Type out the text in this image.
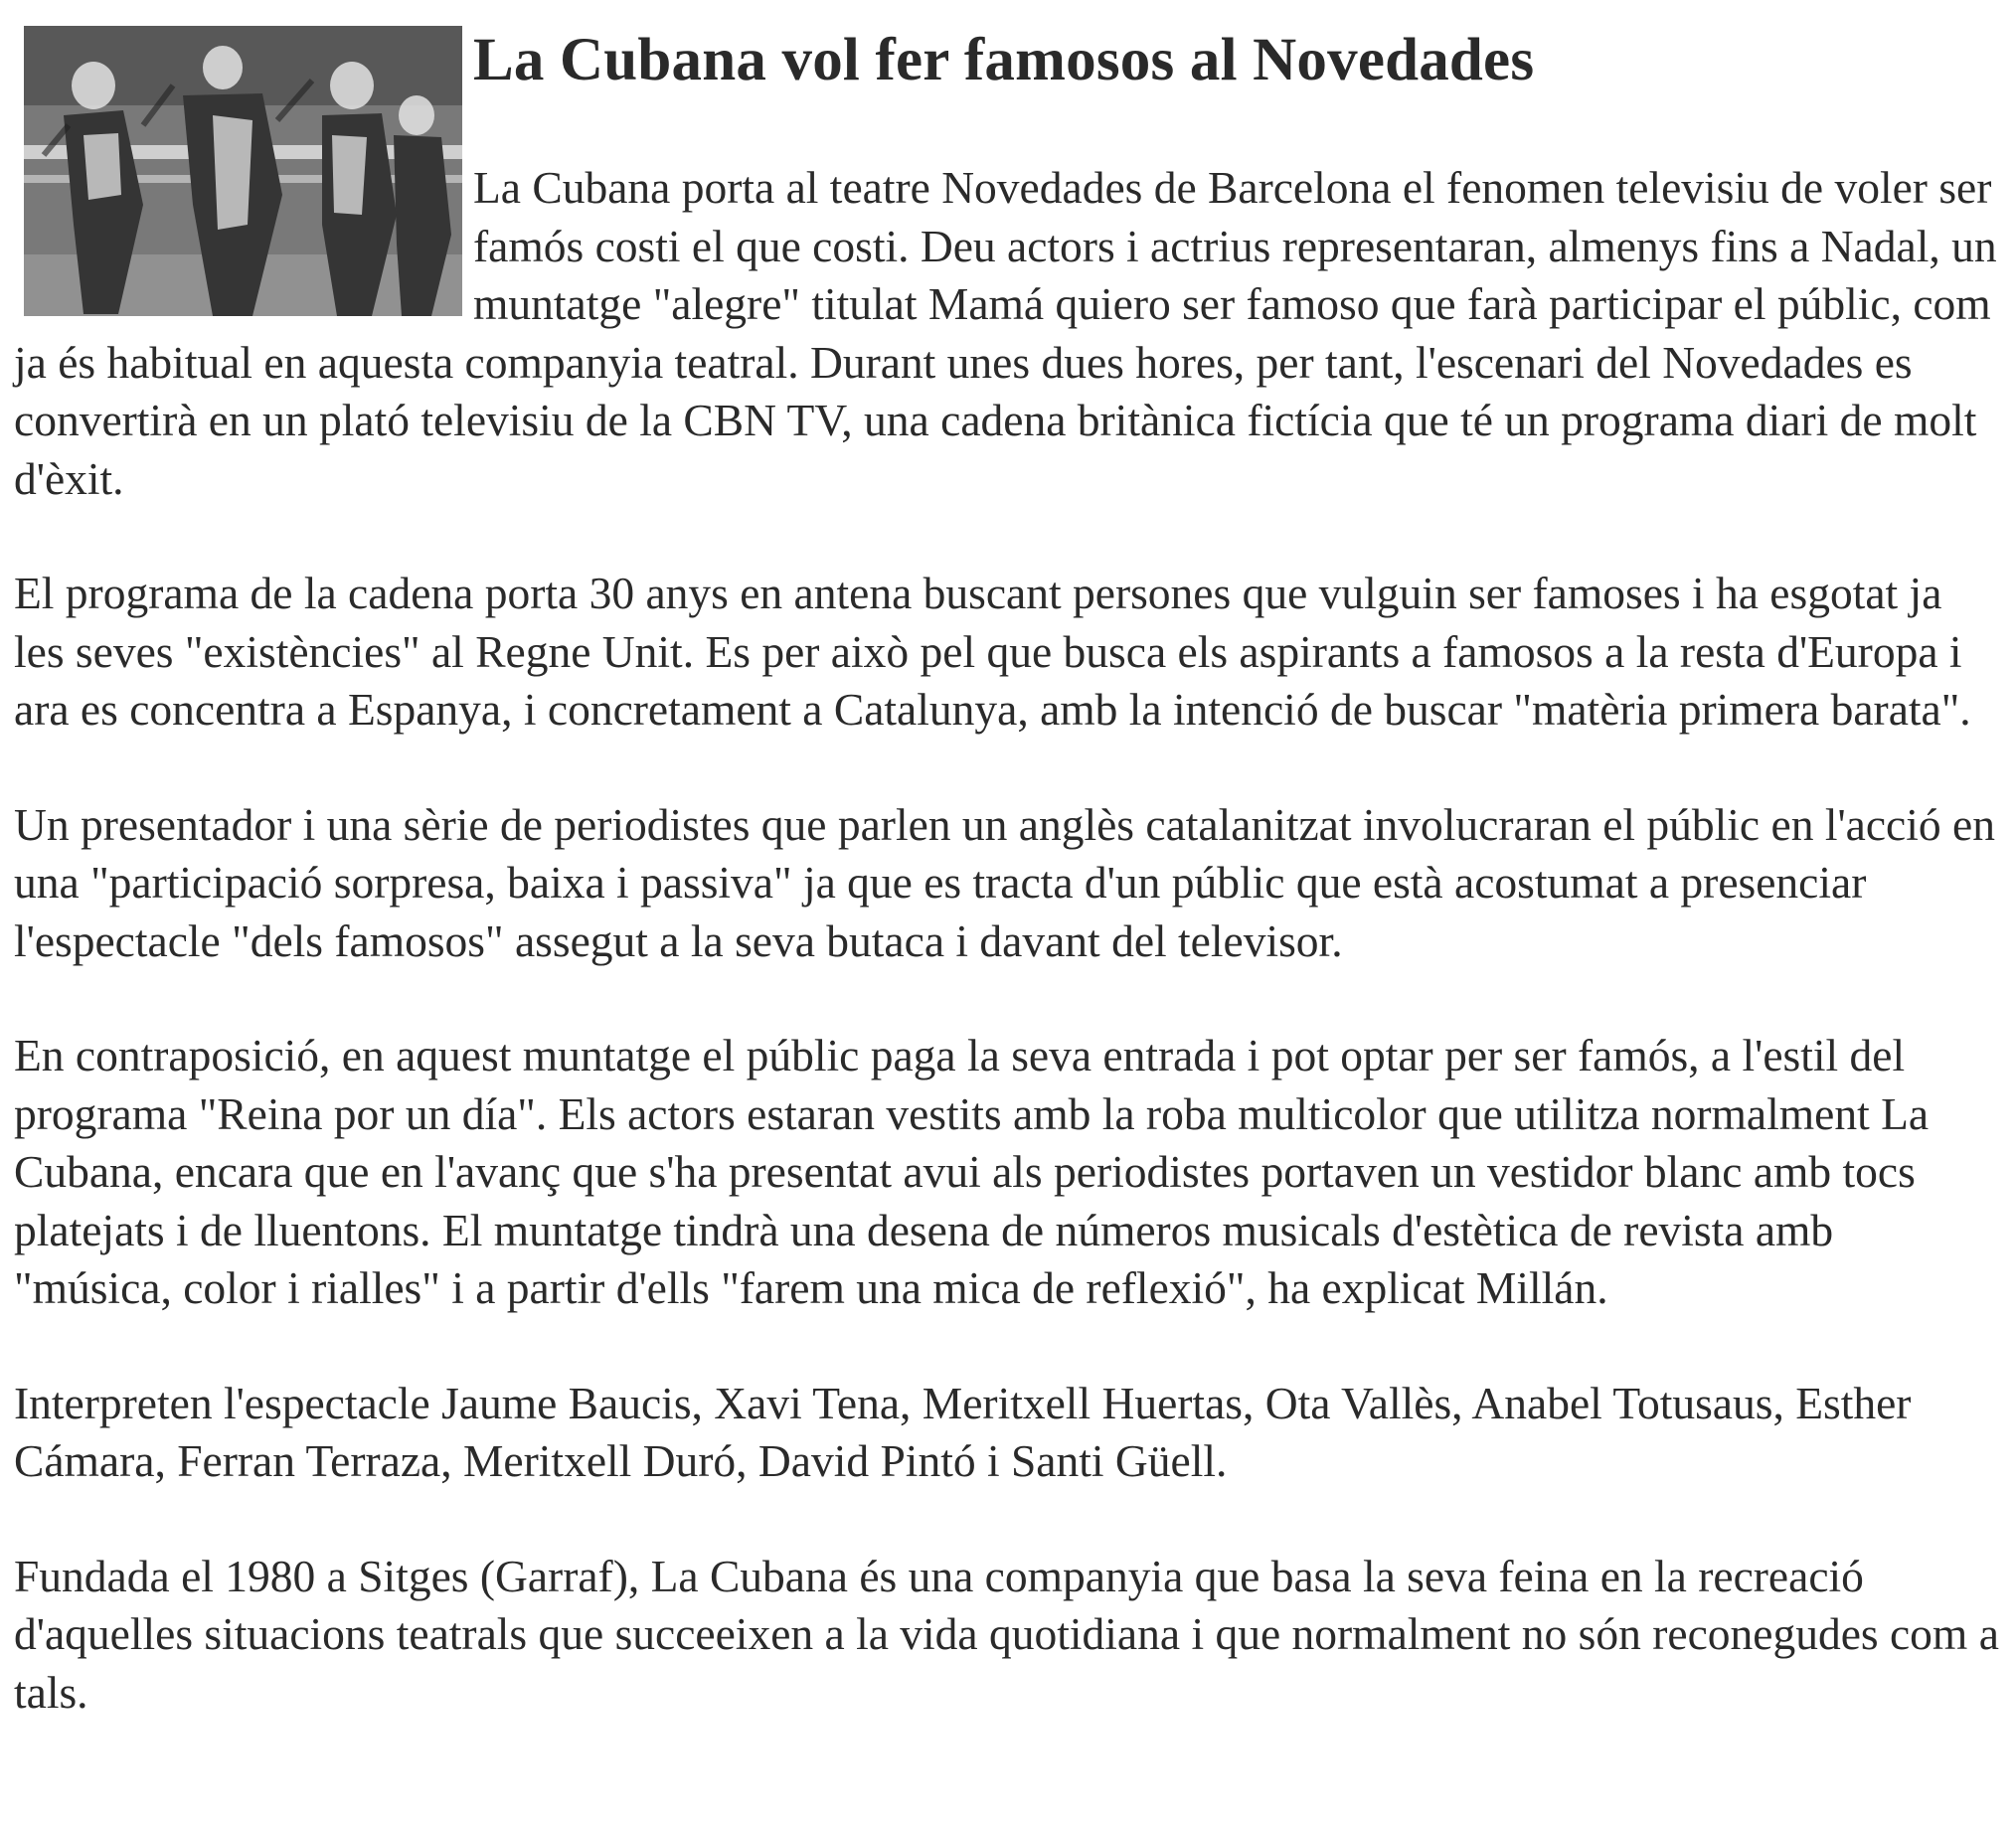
La Cubana vol fer famosos al Novedades

La Cubana porta al teatre Novedades de Barcelona el fenomen televisiu de voler ser famós costi el que costi. Deu actors i actrius representaran, almenys fins a Nadal, un muntatge "alegre" titulat Mamá quiero ser famoso que farà participar el públic, com ja és habitual en aquesta companyia teatral. Durant unes dues hores, per tant, l'escenari del Novedades es convertirà en un plató televisiu de la CBN TV, una cadena britànica fictícia que té un programa diari de molt d'èxit.

El programa de la cadena porta 30 anys en antena buscant persones que vulguin ser famoses i ha esgotat ja les seves "existències" al Regne Unit. Es per això pel que busca els aspirants a famosos a la resta d'Europa i ara es concentra a Espanya, i concretament a Catalunya, amb la intenció de buscar "matèria primera barata".

Un presentador i una sèrie de periodistes que parlen un anglès catalanitzat involucraran el públic en l'acció en una "participació sorpresa, baixa i passiva" ja que es tracta d'un públic que està acostumat a presenciar l'espectacle "dels famosos" assegut a la seva butaca i davant del televisor.

En contraposició, en aquest muntatge el públic paga la seva entrada i pot optar per ser famós, a l'estil del programa "Reina por un día". Els actors estaran vestits amb la roba multicolor que utilitza normalment La Cubana, encara que en l'avanç que s'ha presentat avui als periodistes portaven un vestidor blanc amb tocs platejats i de lluentons. El muntatge tindrà una desena de números musicals d'estètica de revista amb "música, color i rialles" i a partir d'ells "farem una mica de reflexió", ha explicat Millán.

Interpreten l'espectacle Jaume Baucis, Xavi Tena, Meritxell Huertas, Ota Vallès, Anabel Totusaus, Esther Cámara, Ferran Terraza, Meritxell Duró, David Pintó i Santi Güell.

Fundada el 1980 a Sitges (Garraf), La Cubana és una companyia que basa la seva feina en la recreació d'aquelles situacions teatrals que succeeixen a la vida quotidiana i que normalment no són reconegudes com a tals.
